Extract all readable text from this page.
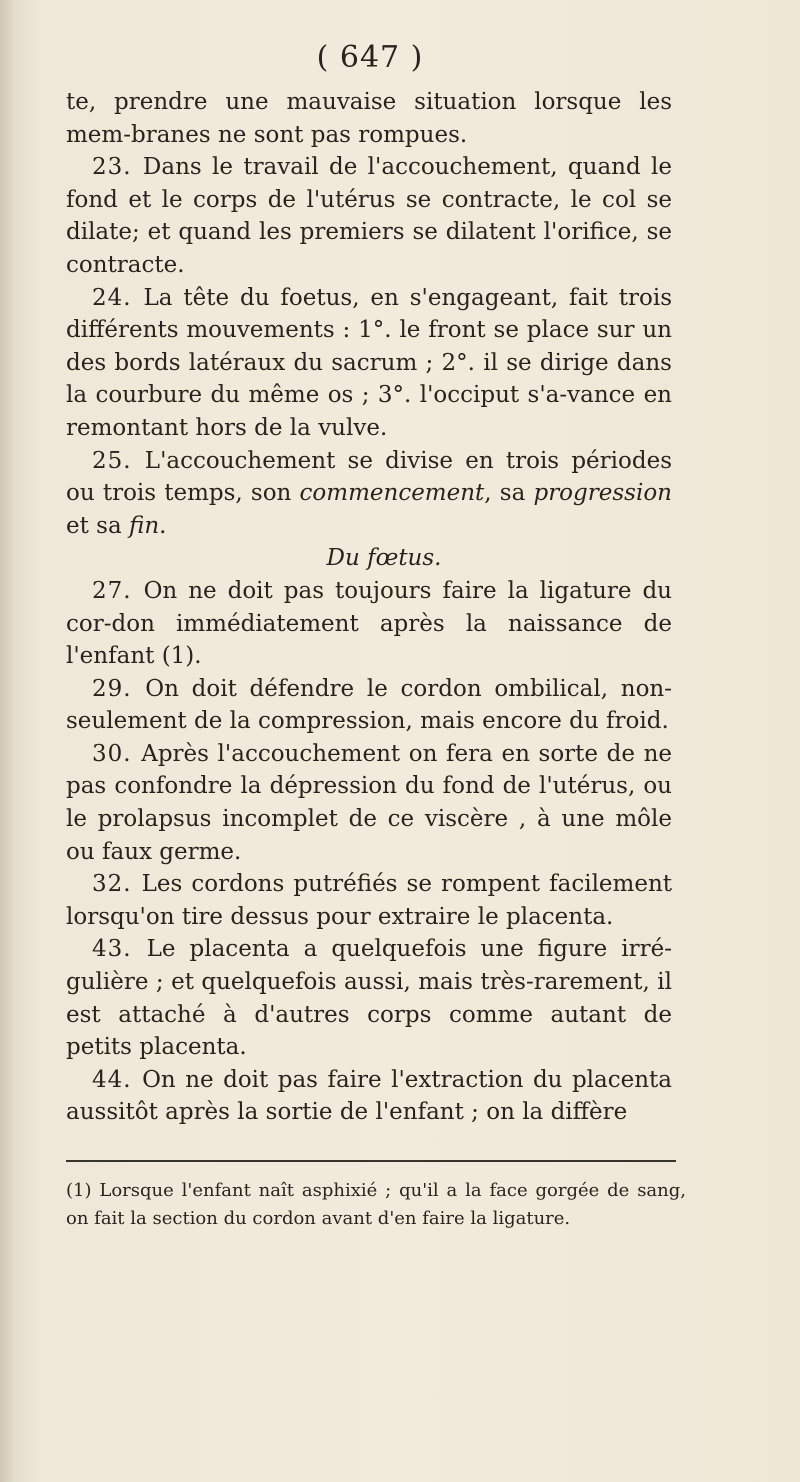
( 647 )

te, prendre une mauvaise situation lorsque les mem-branes ne sont pas rompues.

23. Dans le travail de l'accouchement, quand le fond et le corps de l'utérus se contracte, le col se dilate; et quand les premiers se dilatent l'orifice, se contracte.

24. La tête du foetus, en s'engageant, fait trois différents mouvements : 1°. le front se place sur un des bords latéraux du sacrum ; 2°. il se dirige dans la courbure du même os ; 3°. l'occiput s'a-vance en remontant hors de la vulve.

25. L'accouchement se divise en trois périodes ou trois temps, son commencement, sa progression et sa fin.

Du fœtus.

27. On ne doit pas toujours faire la ligature du cor-don immédiatement après la naissance de l'enfant (1).

29. On doit défendre le cordon ombilical, non-seulement de la compression, mais encore du froid.

30. Après l'accouchement on fera en sorte de ne pas confondre la dépression du fond de l'utérus, ou le prolapsus incomplet de ce viscère , à une môle ou faux germe.

32. Les cordons putréfiés se rompent facilement lorsqu'on tire dessus pour extraire le placenta.

43. Le placenta a quelquefois une figure irré-gulière ; et quelquefois aussi, mais très-rarement, il est attaché à d'autres corps comme autant de petits placenta.

44. On ne doit pas faire l'extraction du placenta aussitôt après la sortie de l'enfant ; on la diffère

(1) Lorsque l'enfant naît asphixié ; qu'il a la face gorgée de sang, on fait la section du cordon avant d'en faire la ligature.
